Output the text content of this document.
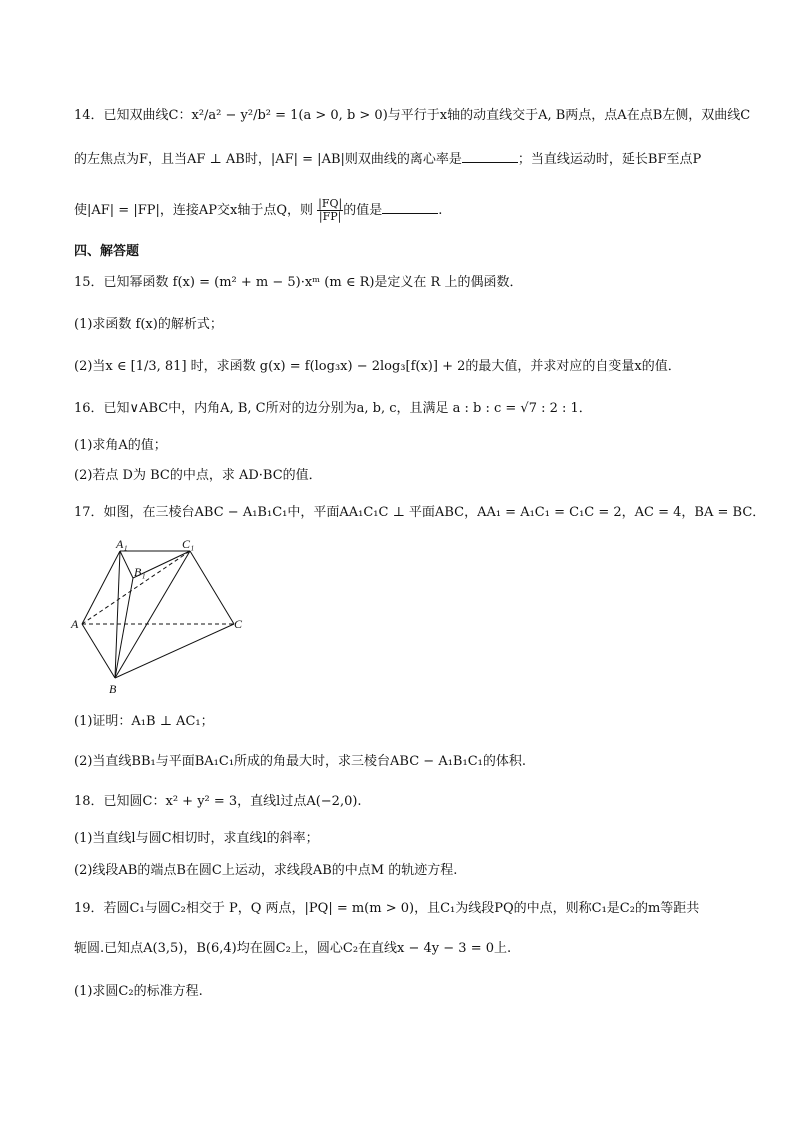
14．已知双曲线C：x²/a² − y²/b² = 1(a > 0, b > 0)与平行于x轴的动直线交于A, B两点，点A在点B左侧，双曲线C
的左焦点为F，且当AF ⊥ AB时，|AF| = |AB|则双曲线的离心率是	；当直线运动时，延长BF至点P
使|AF| = |FP|，连接AP交x轴于点Q，则 $\frac{|FQ|}{|FP|}$ 的值是	.
四、解答题
15．已知幂函数 f(x) = (m² + m − 5)·xᵐ (m ∈ R)是定义在 R 上的偶函数．
(1)求函数 f(x)的解析式；
(2)当x ∈ [1/3, 81] 时，求函数 g(x) = f(log₃x) − 2log₃[f(x)] + 2的最大值，并求对应的自变量x的值．
16．已知∨ABC中，内角A, B, C所对的边分别为a, b, c，且满足 a : b : c = √7 : 2 : 1．
(1)求角A的值；
(2)若点 D为 BC的中点，求 AD·BC的值．
17．如图，在三棱台ABC − A₁B₁C₁中，平面AA₁C₁C ⊥ 平面ABC，AA₁ = A₁C₁ = C₁C = 2，AC = 4，BA = BC．
A₁	C₁
B₁
A	C
B
(1)证明：A₁B ⊥ AC₁；
(2)当直线BB₁与平面BA₁C₁所成的角最大时，求三棱台ABC − A₁B₁C₁的体积.
18．已知圆C：x² + y² = 3，直线l过点A(−2,0).
(1)当直线l与圆C相切时，求直线l的斜率；
(2)线段AB的端点B在圆C上运动，求线段AB的中点M 的轨迹方程.
19．若圆C₁与圆C₂相交于 P，Q 两点，|PQ| = m(m > 0)，且C₁为线段PQ的中点，则称C₁是C₂的m等距共
轭圆.已知点A(3,5)，B(6,4)均在圆C₂上，圆心C₂在直线x − 4y − 3 = 0上.
(1)求圆C₂的标准方程.
